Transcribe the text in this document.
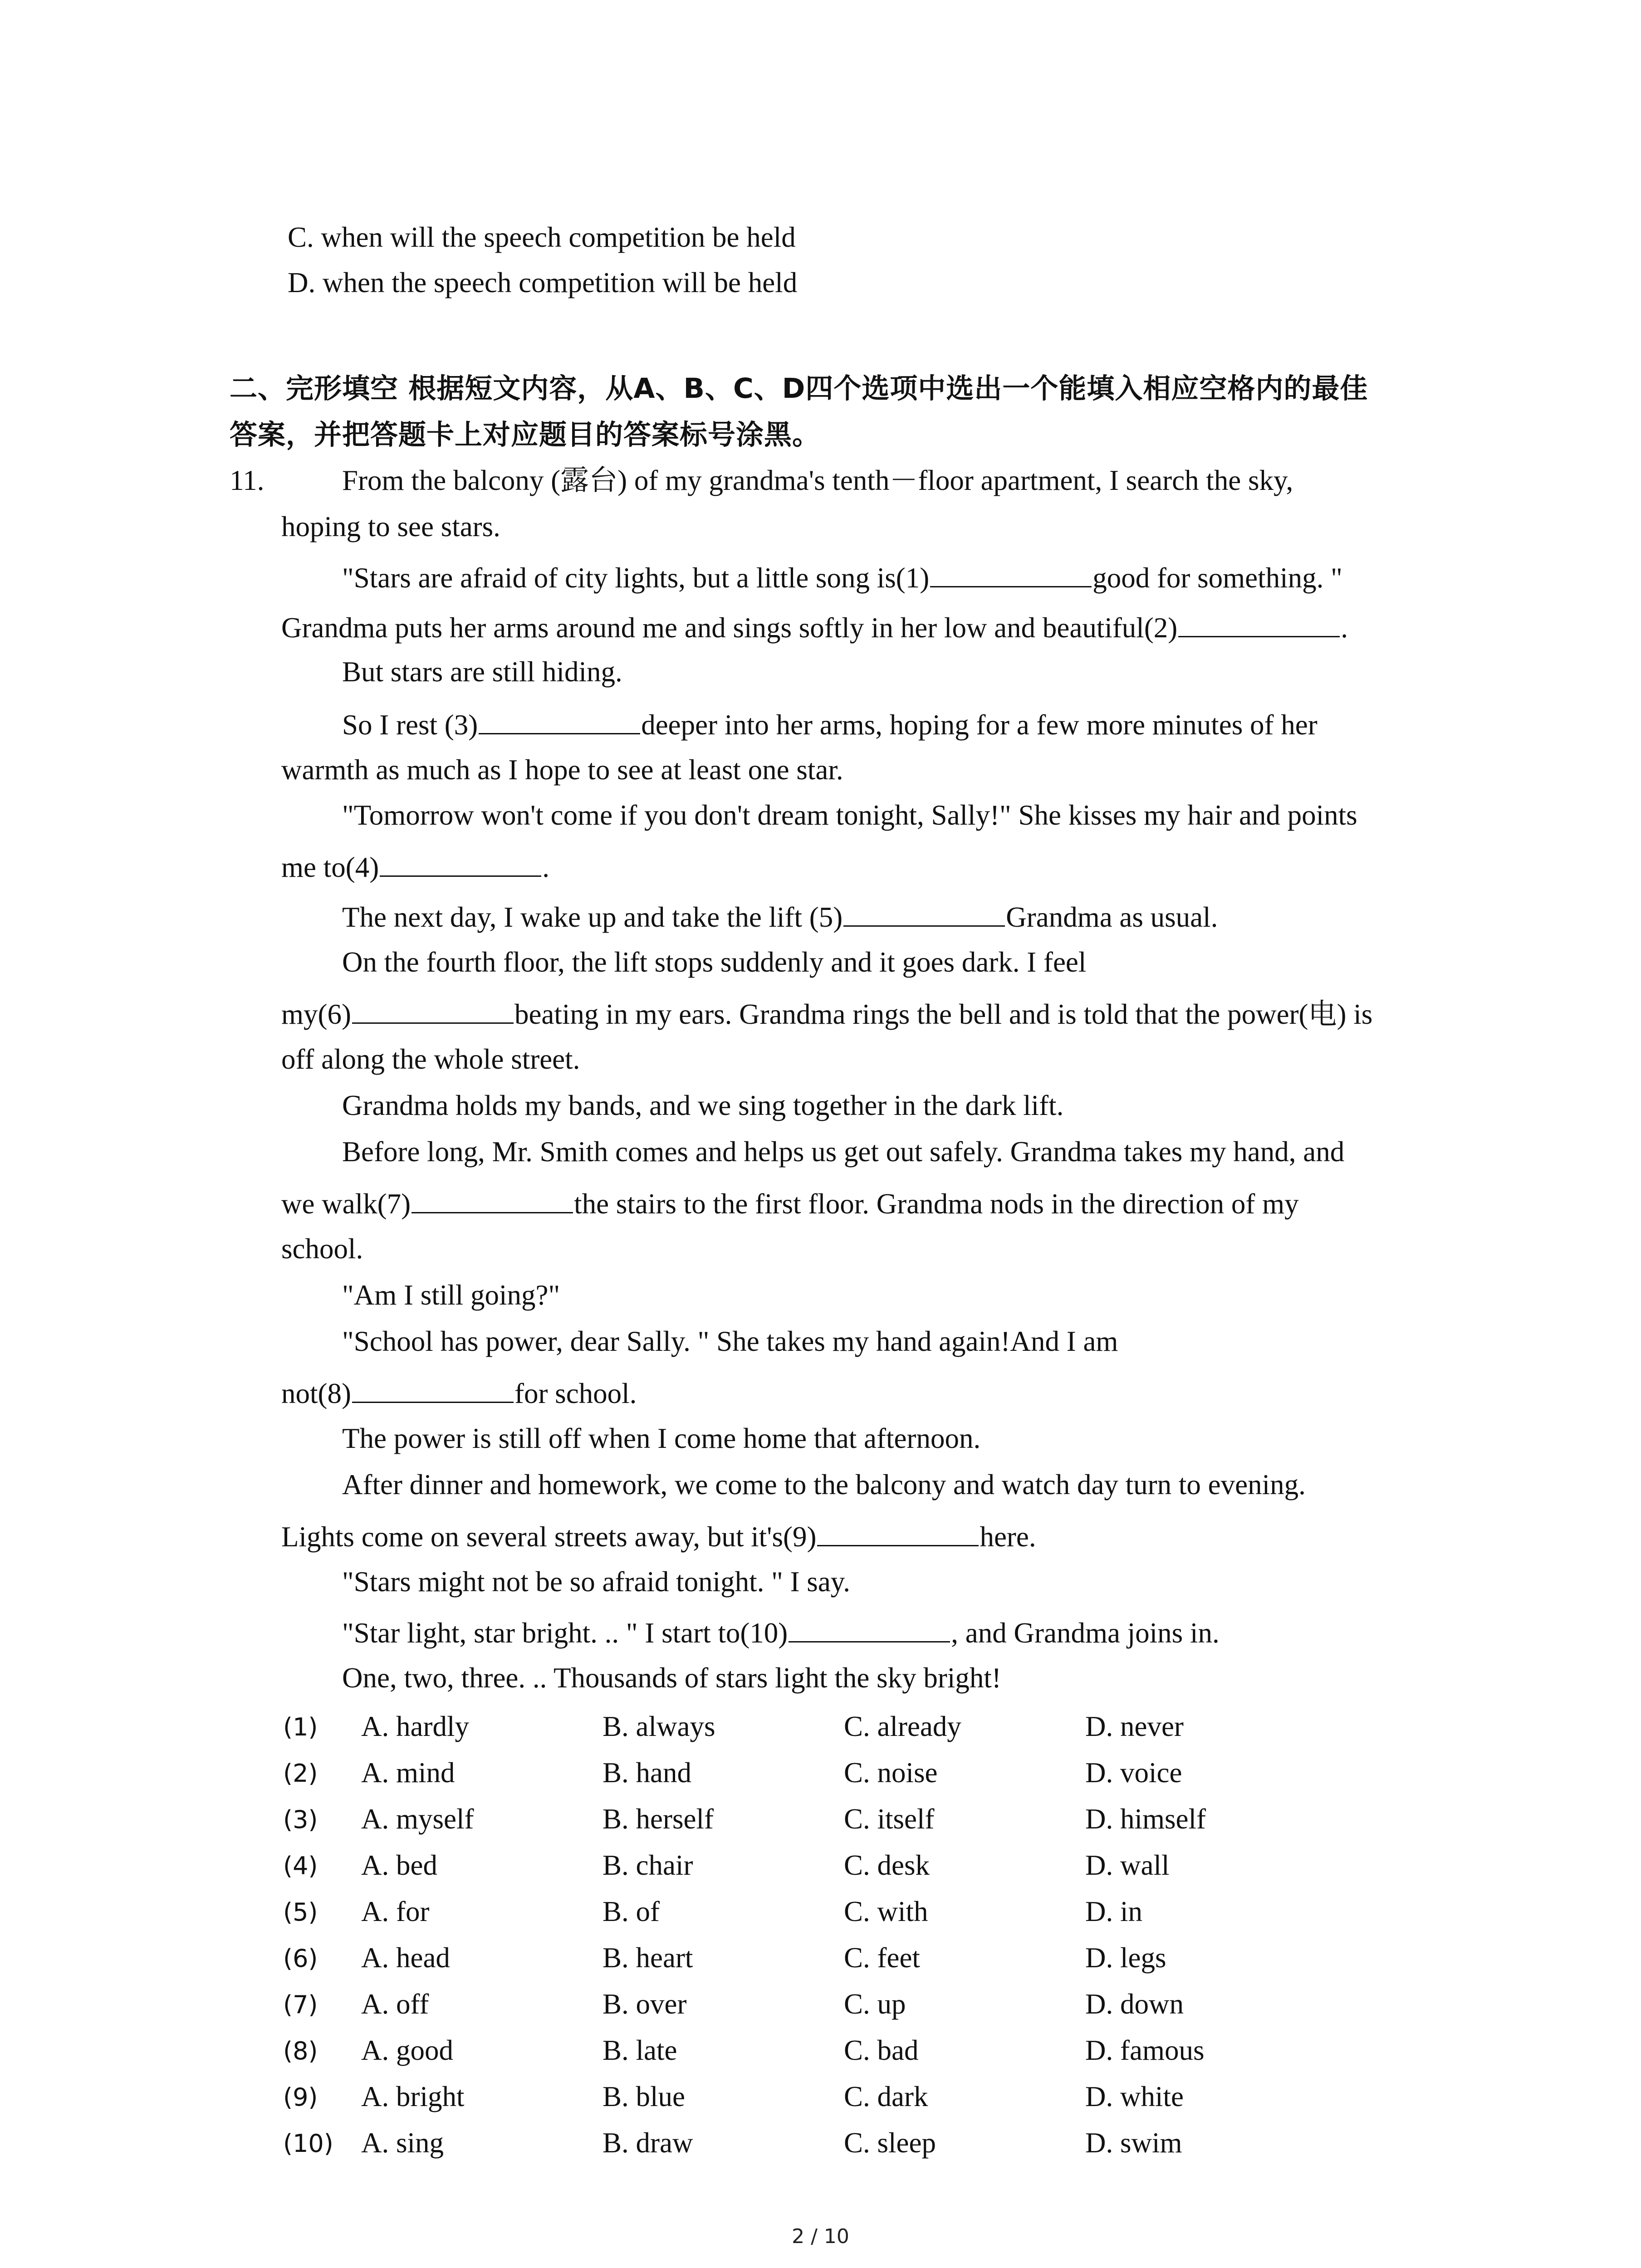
C. when will the speech competition be held
D. when the speech competition will be held
二、完形填空 根据短文内容，从A、B、C、D四个选项中选出一个能填入相应空格内的最佳
答案，并把答题卡上对应题目的答案标号涂黑。
11.	From the balcony (露台) of my grandma's tenth－floor apartment, I search the sky,
hoping to see stars.
"Stars are afraid of city lights, but a little song is(1)	good for something. "
Grandma puts her arms around me and sings softly in her low and beautiful(2)	.
But stars are still hiding.
So I rest (3)	deeper into her arms, hoping for a few more minutes of her
warmth as much as I hope to see at least one star.
"Tomorrow won't come if you don't dream tonight, Sally!" She kisses my hair and points
me to(4)	.
The next day, I wake up and take the lift (5)	Grandma as usual.
On the fourth floor, the lift stops suddenly and it goes dark. I feel
my(6)	beating in my ears. Grandma rings the bell and is told that the power(电) is
off along the whole street.
Grandma holds my bands, and we sing together in the dark lift.
Before long, Mr. Smith comes and helps us get out safely. Grandma takes my hand, and
we walk(7)	the stairs to the first floor. Grandma nods in the direction of my
school.
"Am I still going?"
"School has power, dear Sally. " She takes my hand again!And I am
not(8)	for school.
The power is still off when I come home that afternoon.
After dinner and homework, we come to the balcony and watch day turn to evening.
Lights come on several streets away, but it's(9)	here.
"Stars might not be so afraid tonight. " I say.
"Star light, star bright. .. " I start to(10)	, and Grandma joins in.
One, two, three. .. Thousands of stars light the sky bright!
(1) A. hardly	B. always	C. already	D. never
(2) A. mind	B. hand	C. noise	D. voice
(3) A. myself	B. herself	C. itself	D. himself
(4) A. bed	B. chair	C. desk	D. wall
(5) A. for	B. of	C. with	D. in
(6) A. head	B. heart	C. feet	D. legs
(7) A. off	B. over	C. up	D. down
(8) A. good	B. late	C. bad	D. famous
(9) A. bright	B. blue	C. dark	D. white
(10) A. sing	B. draw	C. sleep	D. swim
2 / 10
